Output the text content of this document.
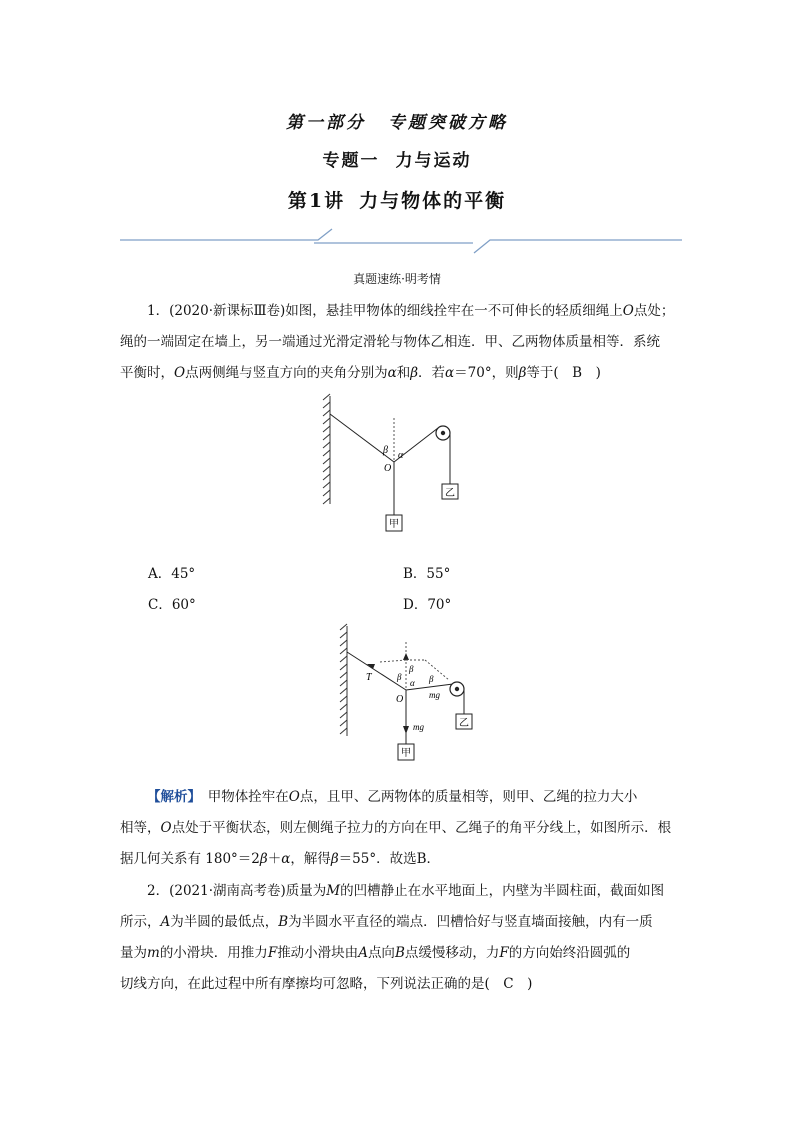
第一部分 专题突破方略
专题一 力与运动
第1讲 力与物体的平衡
真题速练·明考情
1．(2020·新课标Ⅲ卷)如图，悬挂甲物体的细线拴牢在一不可伸长的轻质细绳上O点处；
绳的一端固定在墙上，另一端通过光滑定滑轮与物体乙相连．甲、乙两物体质量相等．系统
平衡时，O点两侧绳与竖直方向的夹角分别为α和β．若α＝70°，则β等于(　B　)
β α
O
乙
甲
A．45°	B．55°
C．60°	D．70°
T	β
β
α β
mg
O
mg	乙
甲
【解析】　 甲物体拴牢在O点，且甲、乙两物体的质量相等，则甲、乙绳的拉力大小
相等，O点处于平衡状态，则左侧绳子拉力的方向在甲、乙绳子的角平分线上，如图所示．根
据几何关系有 180°＝2β＋α，解得β＝55°．故选B．
2．(2021·湖南高考卷)质量为M的凹槽静止在水平地面上，内壁为半圆柱面，截面如图
所示，A为半圆的最低点，B为半圆水平直径的端点．凹槽恰好与竖直墙面接触，内有一质
量为m的小滑块．用推力F推动小滑块由A点向B点缓慢移动，力F的方向始终沿圆弧的
切线方向，在此过程中所有摩擦均可忽略，下列说法正确的是(　C　)
